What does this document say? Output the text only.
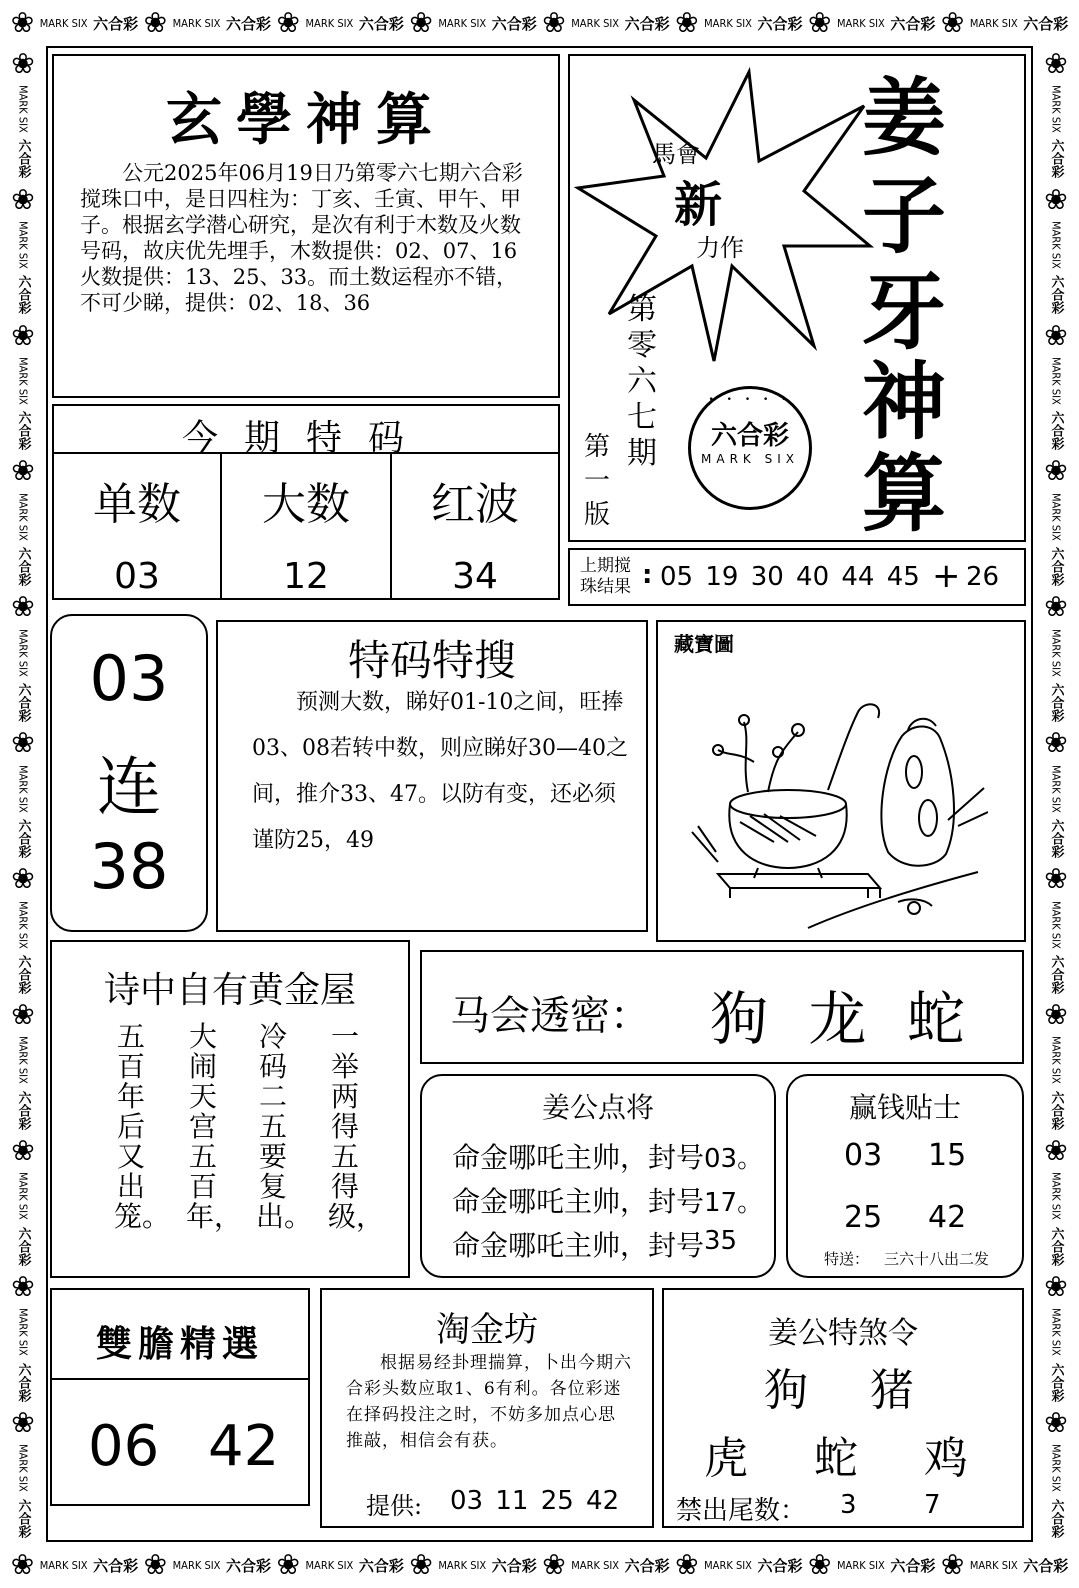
❀ MARK SIX 六合彩 ❀ MARK SIX 六合彩 ❀ MARK SIX 六合彩 ❀ MARK SIX 六合彩 ❀ MARK SIX 六合彩 ❀ MARK SIX 六合彩 ❀ MARK SIX 六合彩 ❀ MARK SIX 六合彩
❀ MARK SIX 六合彩 ❀ MARK SIX 六合彩 ❀ MARK SIX 六合彩 ❀ MARK SIX 六合彩 ❀ MARK SIX 六合彩 ❀ MARK SIX 六合彩 ❀ MARK SIX 六合彩 ❀ MARK SIX 六合彩
❀
MARK SIX
六合彩
❀
MARK SIX
六合彩
❀
MARK SIX
六合彩
❀
MARK SIX
六合彩
❀
MARK SIX
六合彩
❀
MARK SIX
六合彩
❀
MARK SIX
六合彩
❀
MARK SIX
六合彩
❀
MARK SIX
六合彩
❀
MARK SIX
六合彩
❀
MARK SIX
六合彩
❀
MARK SIX
六合彩
❀
MARK SIX
六合彩
❀
MARK SIX
六合彩
❀
MARK SIX
六合彩
❀
MARK SIX
六合彩
❀
MARK SIX
六合彩
❀
MARK SIX
六合彩
❀
MARK SIX
六合彩
❀
MARK SIX
六合彩
❀
MARK SIX
六合彩
❀
MARK SIX
六合彩
玄學神算
公元2025年06月19日乃第零六七期六合彩搅珠口中，是日四柱为：丁亥、壬寅、甲午、甲子。根据玄学潜心研究，是次有利于木数及火数号码，故庆优先埋手，木数提供：02、07、16火数提供：13、25、33。而土数运程亦不错，不可少睇，提供：02、18、36
今期特码
单数
03
大数
12
红波
34
馬會
新
力作
第零六七期
第一版
• • • • •
六合彩
MARK SIX
姜
子
牙
神
算
上期搅
珠结果 : 05 19 30 40 44 45 + 26
03
连
38
特码特搜
预测大数，睇好01-10之间，旺捧03、08若转中数，则应睇好30—40之间，推介33、47。以防有变，还必须谨防25，49
藏寶圖
诗中自有黄金屋
五百年后又出笼。
大闹天宫五百年，
冷码二五要复出。
一举两得五得级，
马会透密： 狗 龙 蛇
姜公点将
命金哪吒主帅，封号 03。
命金哪吒主帅，封号 17。
命金哪吒主帅，封号 35
赢钱贴士
03 15
25 42
特送： 三六十八出二发
雙膽精選
06 42
淘金坊
根据易经卦理揣算，卜出今期六合彩头数应取1、6有利。各位彩迷在择码投注之时，不妨多加点心思推敲，相信会有获。
提供: 03 11 25 42
姜公特煞令
狗 猪
虎 蛇 鸡
禁出尾数： 3	7
